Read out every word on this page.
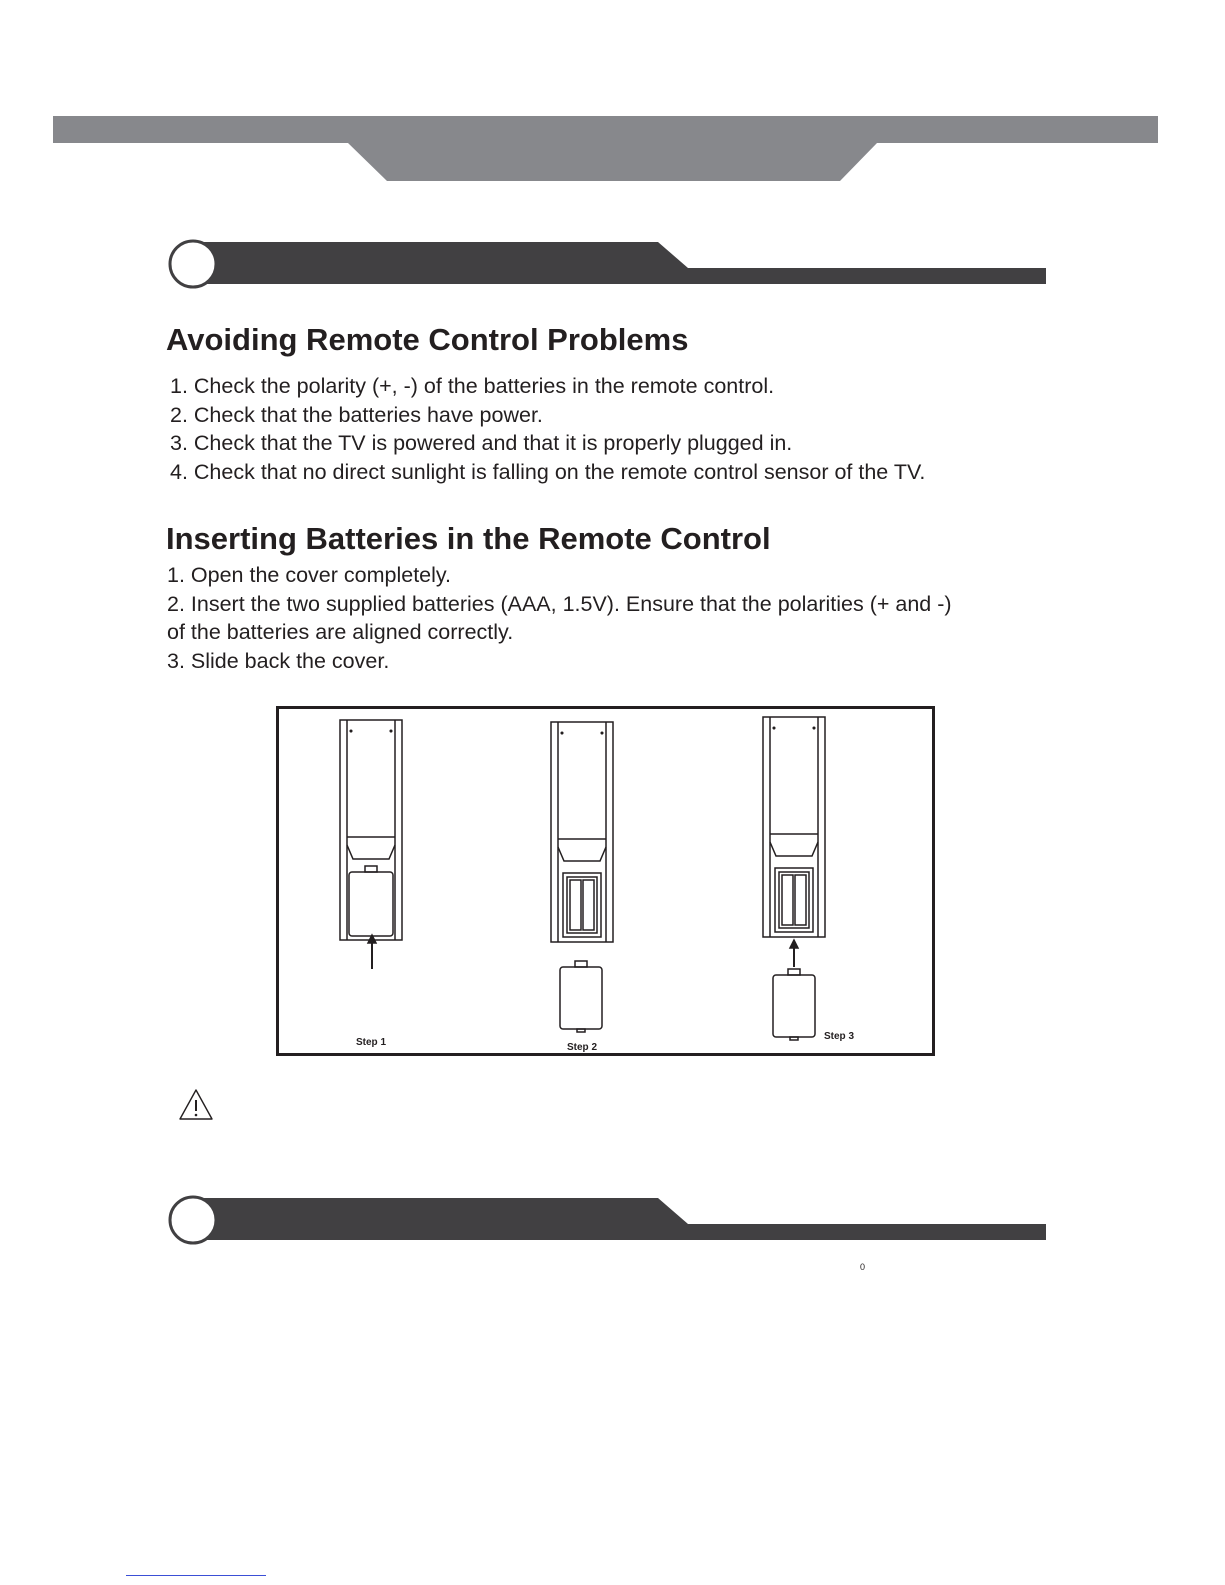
Avoiding Remote Control Problems
1. Check the polarity (+, -) of the batteries in the remote control.
2. Check that the batteries have power.
3. Check that the TV is powered and that it is properly plugged in.
4. Check that no direct sunlight is falling on the remote control sensor of the TV.
Inserting Batteries in the Remote Control
1. Open the cover completely.
2. Insert the two supplied batteries (AAA, 1.5V). Ensure that the polarities (+ and -)
of the batteries are aligned correctly.
3. Slide back the cover.
Step 1	Step 2
Step 3
0
